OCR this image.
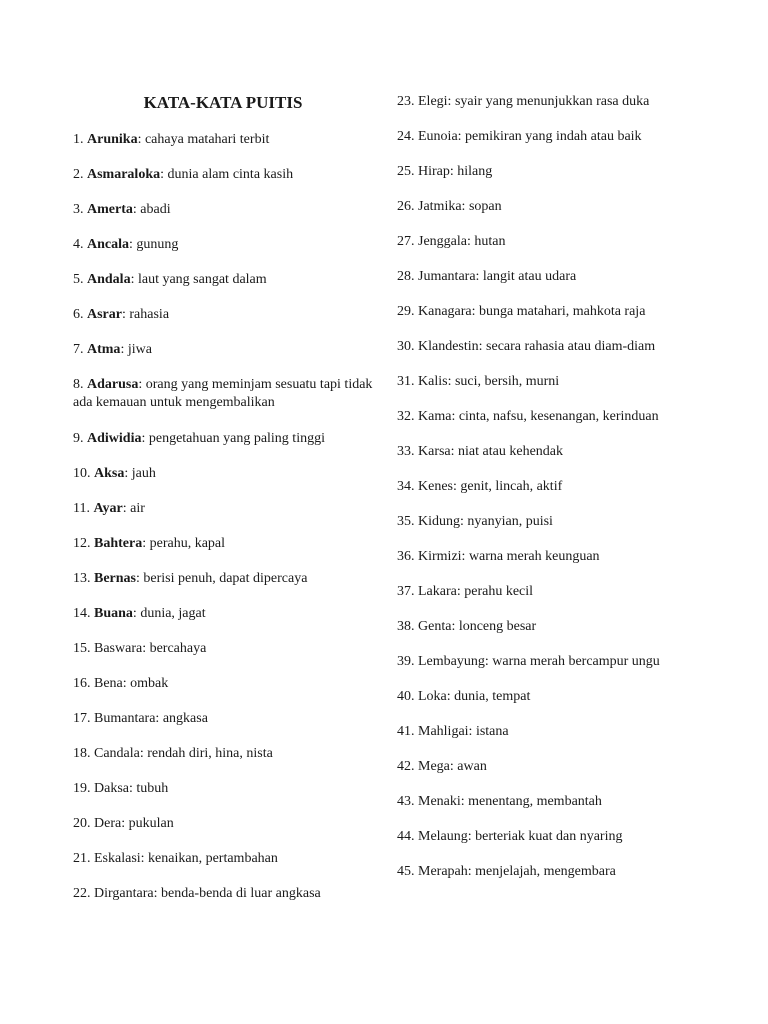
KATA-KATA PUITIS
1. Arunika: cahaya matahari terbit
2. Asmaraloka: dunia alam cinta kasih
3. Amerta: abadi
4. Ancala: gunung
5. Andala: laut yang sangat dalam
6. Asrar: rahasia
7. Atma: jiwa
8. Adarusa: orang yang meminjam sesuatu tapi tidak ada kemauan untuk mengembalikan
9. Adiwidia: pengetahuan yang paling tinggi
10. Aksa: jauh
11. Ayar: air
12. Bahtera: perahu, kapal
13. Bernas: berisi penuh, dapat dipercaya
14. Buana: dunia, jagat
15. Baswara: bercahaya
16. Bena: ombak
17. Bumantara: angkasa
18. Candala: rendah diri, hina, nista
19. Daksa: tubuh
20. Dera: pukulan
21. Eskalasi: kenaikan, pertambahan
22. Dirgantara: benda-benda di luar angkasa
23. Elegi: syair yang menunjukkan rasa duka
24. Eunoia: pemikiran yang indah atau baik
25. Hirap: hilang
26. Jatmika: sopan
27. Jenggala: hutan
28. Jumantara: langit atau udara
29. Kanagara: bunga matahari, mahkota raja
30. Klandestin: secara rahasia atau diam-diam
31. Kalis: suci, bersih, murni
32. Kama: cinta, nafsu, kesenangan, kerinduan
33. Karsa: niat atau kehendak
34. Kenes: genit, lincah, aktif
35. Kidung: nyanyian, puisi
36. Kirmizi: warna merah keunguan
37. Lakara: perahu kecil
38. Genta: lonceng besar
39. Lembayung: warna merah bercampur ungu
40. Loka: dunia, tempat
41. Mahligai: istana
42. Mega: awan
43. Menaki: menentang, membantah
44. Melaung: berteriak kuat dan nyaring
45. Merapah: menjelajah, mengembara
